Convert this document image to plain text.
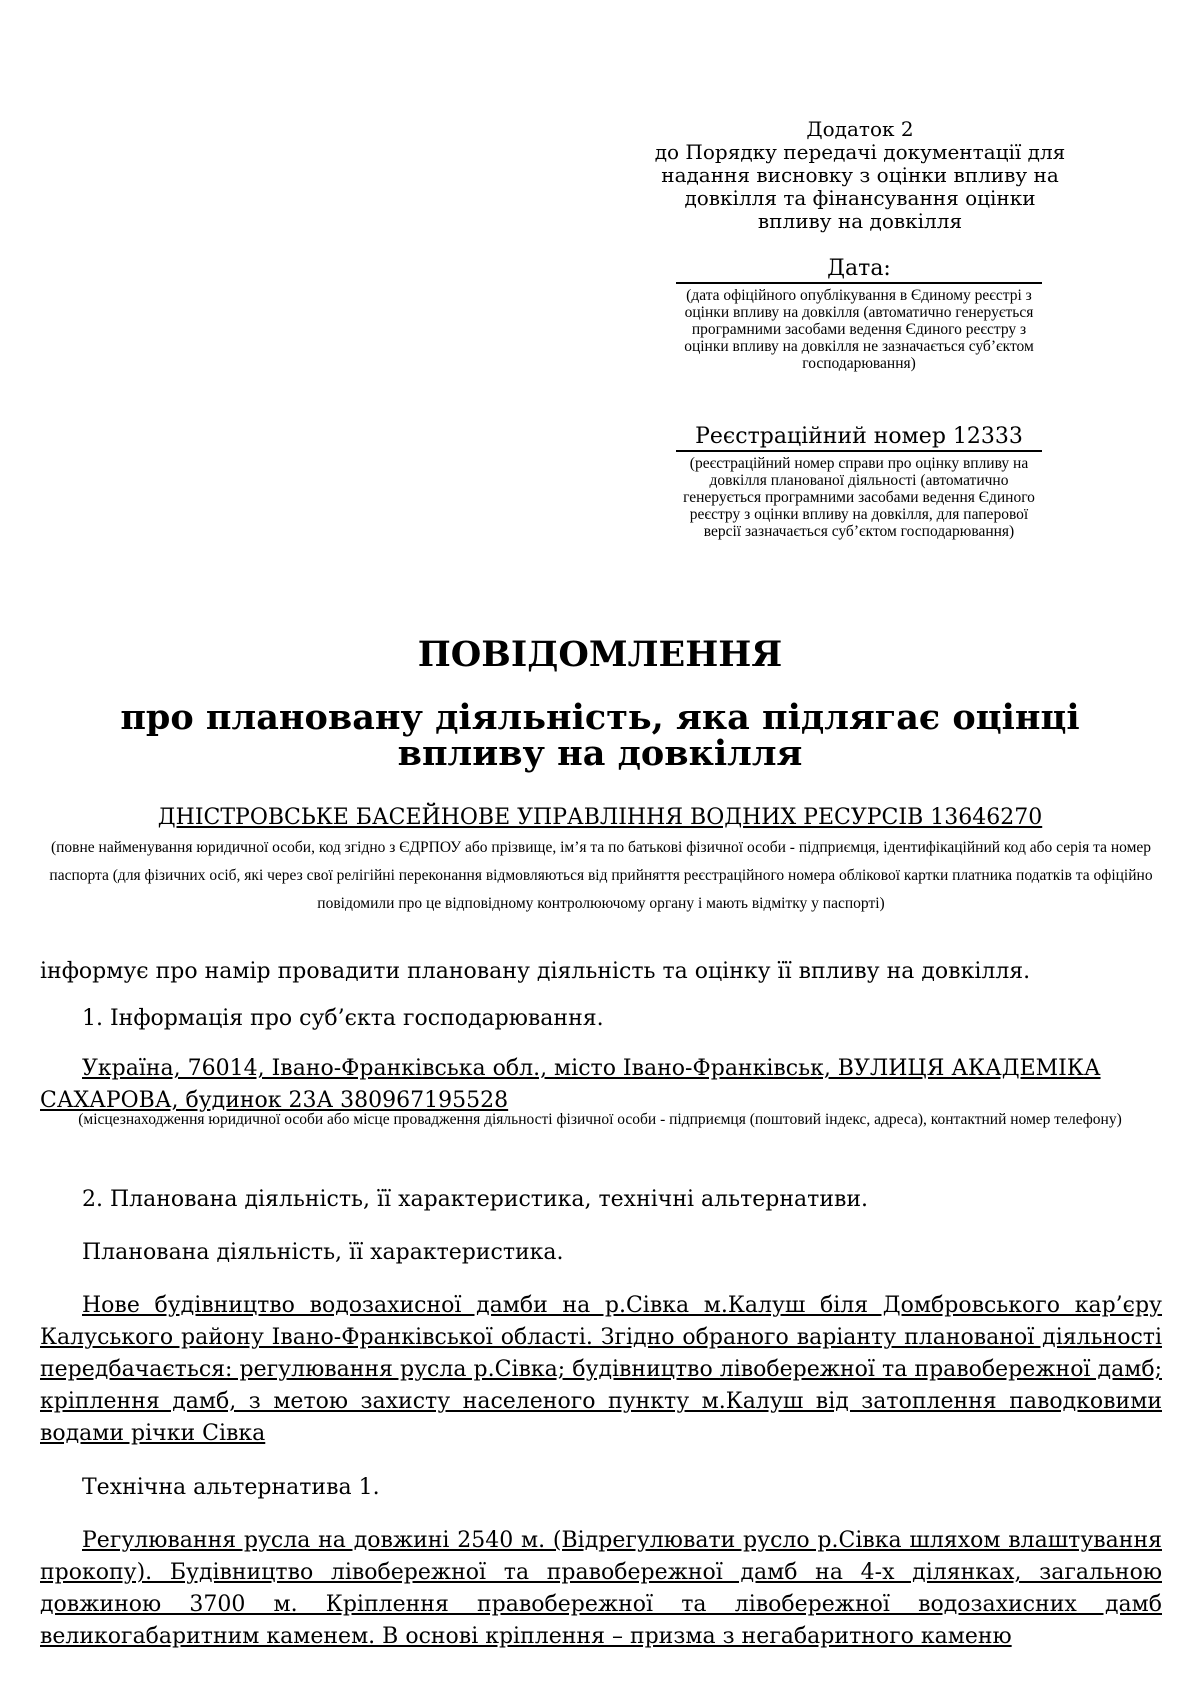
Додаток 2
до Порядку передачі документації для
надання висновку з оцінки впливу на
довкілля та фінансування оцінки
впливу на довкілля
Дата:
(дата офіційного опублікування в Єдиному реєстрі з оцінки впливу на довкілля (автоматично генерується програмними засобами ведення Єдиного реєстру з оцінки впливу на довкілля не зазначається суб’єктом господарювання)
Реєстраційний номер 12333
(реєстраційний номер справи про оцінку впливу на довкілля планованої діяльності (автоматично генерується програмними засобами ведення Єдиного реєстру з оцінки впливу на довкілля, для паперової версії зазначається суб’єктом господарювання)
ПОВІДОМЛЕННЯ
про плановану діяльність, яка підлягає оцінці впливу на довкілля
ДНІСТРОВСЬКЕ БАСЕЙНОВЕ УПРАВЛІННЯ ВОДНИХ РЕСУРСІВ 13646270
(повне найменування юридичної особи, код згідно з ЄДРПОУ або прізвище, ім’я та по батькові фізичної особи - підприємця, ідентифікаційний код або серія та номер паспорта (для фізичних осіб, які через свої релігійні переконання відмовляються від прийняття реєстраційного номера облікової картки платника податків та офіційно повідомили про це відповідному контролюючому органу і мають відмітку у паспорті)
інформує про намір провадити плановану діяльність та оцінку її впливу на довкілля.
1. Інформація про суб’єкта господарювання.
Україна, 76014, Івано-Франківська обл., місто Івано-Франківськ, ВУЛИЦЯ АКАДЕМІКА САХАРОВА, будинок 23А 380967195528
(місцезнаходження юридичної особи або місце провадження діяльності фізичної особи - підприємця (поштовий індекс, адреса), контактний номер телефону)
2. Планована діяльність, її характеристика, технічні альтернативи.
Планована діяльність, її характеристика.
Нове будівництво водозахисної дамби на р.Сівка м.Калуш біля Домбровського кар’єру Калуського району Івано-Франківської області. Згідно обраного варіанту планованої діяльності передбачається: регулювання русла р.Сівка; будівництво лівобережної та правобережної дамб; кріплення дамб, з метою захисту населеного пункту м.Калуш від затоплення паводковими водами річки Сівка
Технічна альтернатива 1.
Регулювання русла на довжині 2540 м. (Відрегулювати русло р.Сівка шляхом влаштування прокопу). Будівництво лівобережної та правобережної дамб на 4-х ділянках, загальною довжиною 3700 м. Кріплення правобережної та лівобережної водозахисних дамб великогабаритним каменем. В основі кріплення – призма з негабаритного каменю
